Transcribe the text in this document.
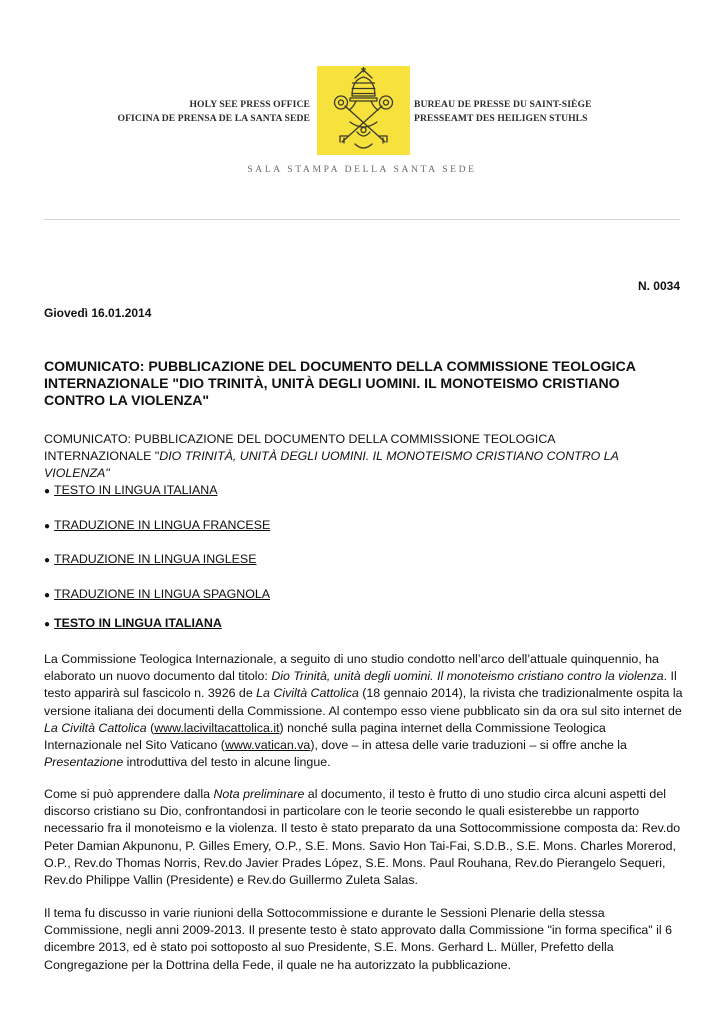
HOLY SEE PRESS OFFICE
OFICINA DE PRENSA DE LA SANTA SEDE
BUREAU DE PRESSE DU SAINT-SIÈGE
PRESSEAMT DES HEILIGEN STUHLS
SALA STAMPA DELLA SANTA SEDE
N. 0034
Giovedì 16.01.2014
COMUNICATO: PUBBLICAZIONE DEL DOCUMENTO DELLA COMMISSIONE TEOLOGICA INTERNAZIONALE "DIO TRINITÀ, UNITÀ DEGLI UOMINI. IL MONOTEISMO CRISTIANO CONTRO LA VIOLENZA"
COMUNICATO: PUBBLICAZIONE DEL DOCUMENTO DELLA COMMISSIONE TEOLOGICA INTERNAZIONALE "DIO TRINITÀ, UNITÀ DEGLI UOMINI. IL MONOTEISMO CRISTIANO CONTRO LA VIOLENZA"
● TESTO IN LINGUA ITALIANA
● TRADUZIONE IN LINGUA FRANCESE
● TRADUZIONE IN LINGUA INGLESE
● TRADUZIONE IN LINGUA SPAGNOLA
● TESTO IN LINGUA ITALIANA

La Commissione Teologica Internazionale, a seguito di uno studio condotto nell’arco dell’attuale quinquennio, ha elaborato un nuovo documento dal titolo: Dio Trinità, unità degli uomini. Il monoteismo cristiano contro la violenza. Il testo apparirà sul fascicolo n. 3926 de La Civiltà Cattolica (18 gennaio 2014), la rivista che tradizionalmente ospita la versione italiana dei documenti della Commissione. Al contempo esso viene pubblicato sin da ora sul sito internet de La Civiltà Cattolica (www.laciviltacattolica.it) nonché sulla pagina internet della Commissione Teologica Internazionale nel Sito Vaticano (www.vatican.va), dove – in attesa delle varie traduzioni – si offre anche la Presentazione introduttiva del testo in alcune lingue.

Come si può apprendere dalla Nota preliminare al documento, il testo è frutto di uno studio circa alcuni aspetti del discorso cristiano su Dio, confrontandosi in particolare con le teorie secondo le quali esisterebbe un rapporto necessario fra il monoteismo e la violenza. Il testo è stato preparato da una Sottocommissione composta da: Rev.do Peter Damian Akpunonu, P. Gilles Emery, O.P., S.E. Mons. Savio Hon Tai-Fai, S.D.B., S.E. Mons. Charles Morerod, O.P., Rev.do Thomas Norris, Rev.do Javier Prades López, S.E. Mons. Paul Rouhana, Rev.do Pierangelo Sequeri, Rev.do Philippe Vallin (Presidente) e Rev.do Guillermo Zuleta Salas.

Il tema fu discusso in varie riunioni della Sottocommissione e durante le Sessioni Plenarie della stessa Commissione, negli anni 2009-2013. Il presente testo è stato approvato dalla Commissione "in forma specifica" il 6 dicembre 2013, ed è stato poi sottoposto al suo Presidente, S.E. Mons. Gerhard L. Müller, Prefetto della Congregazione per la Dottrina della Fede, il quale ne ha autorizzato la pubblicazione.
